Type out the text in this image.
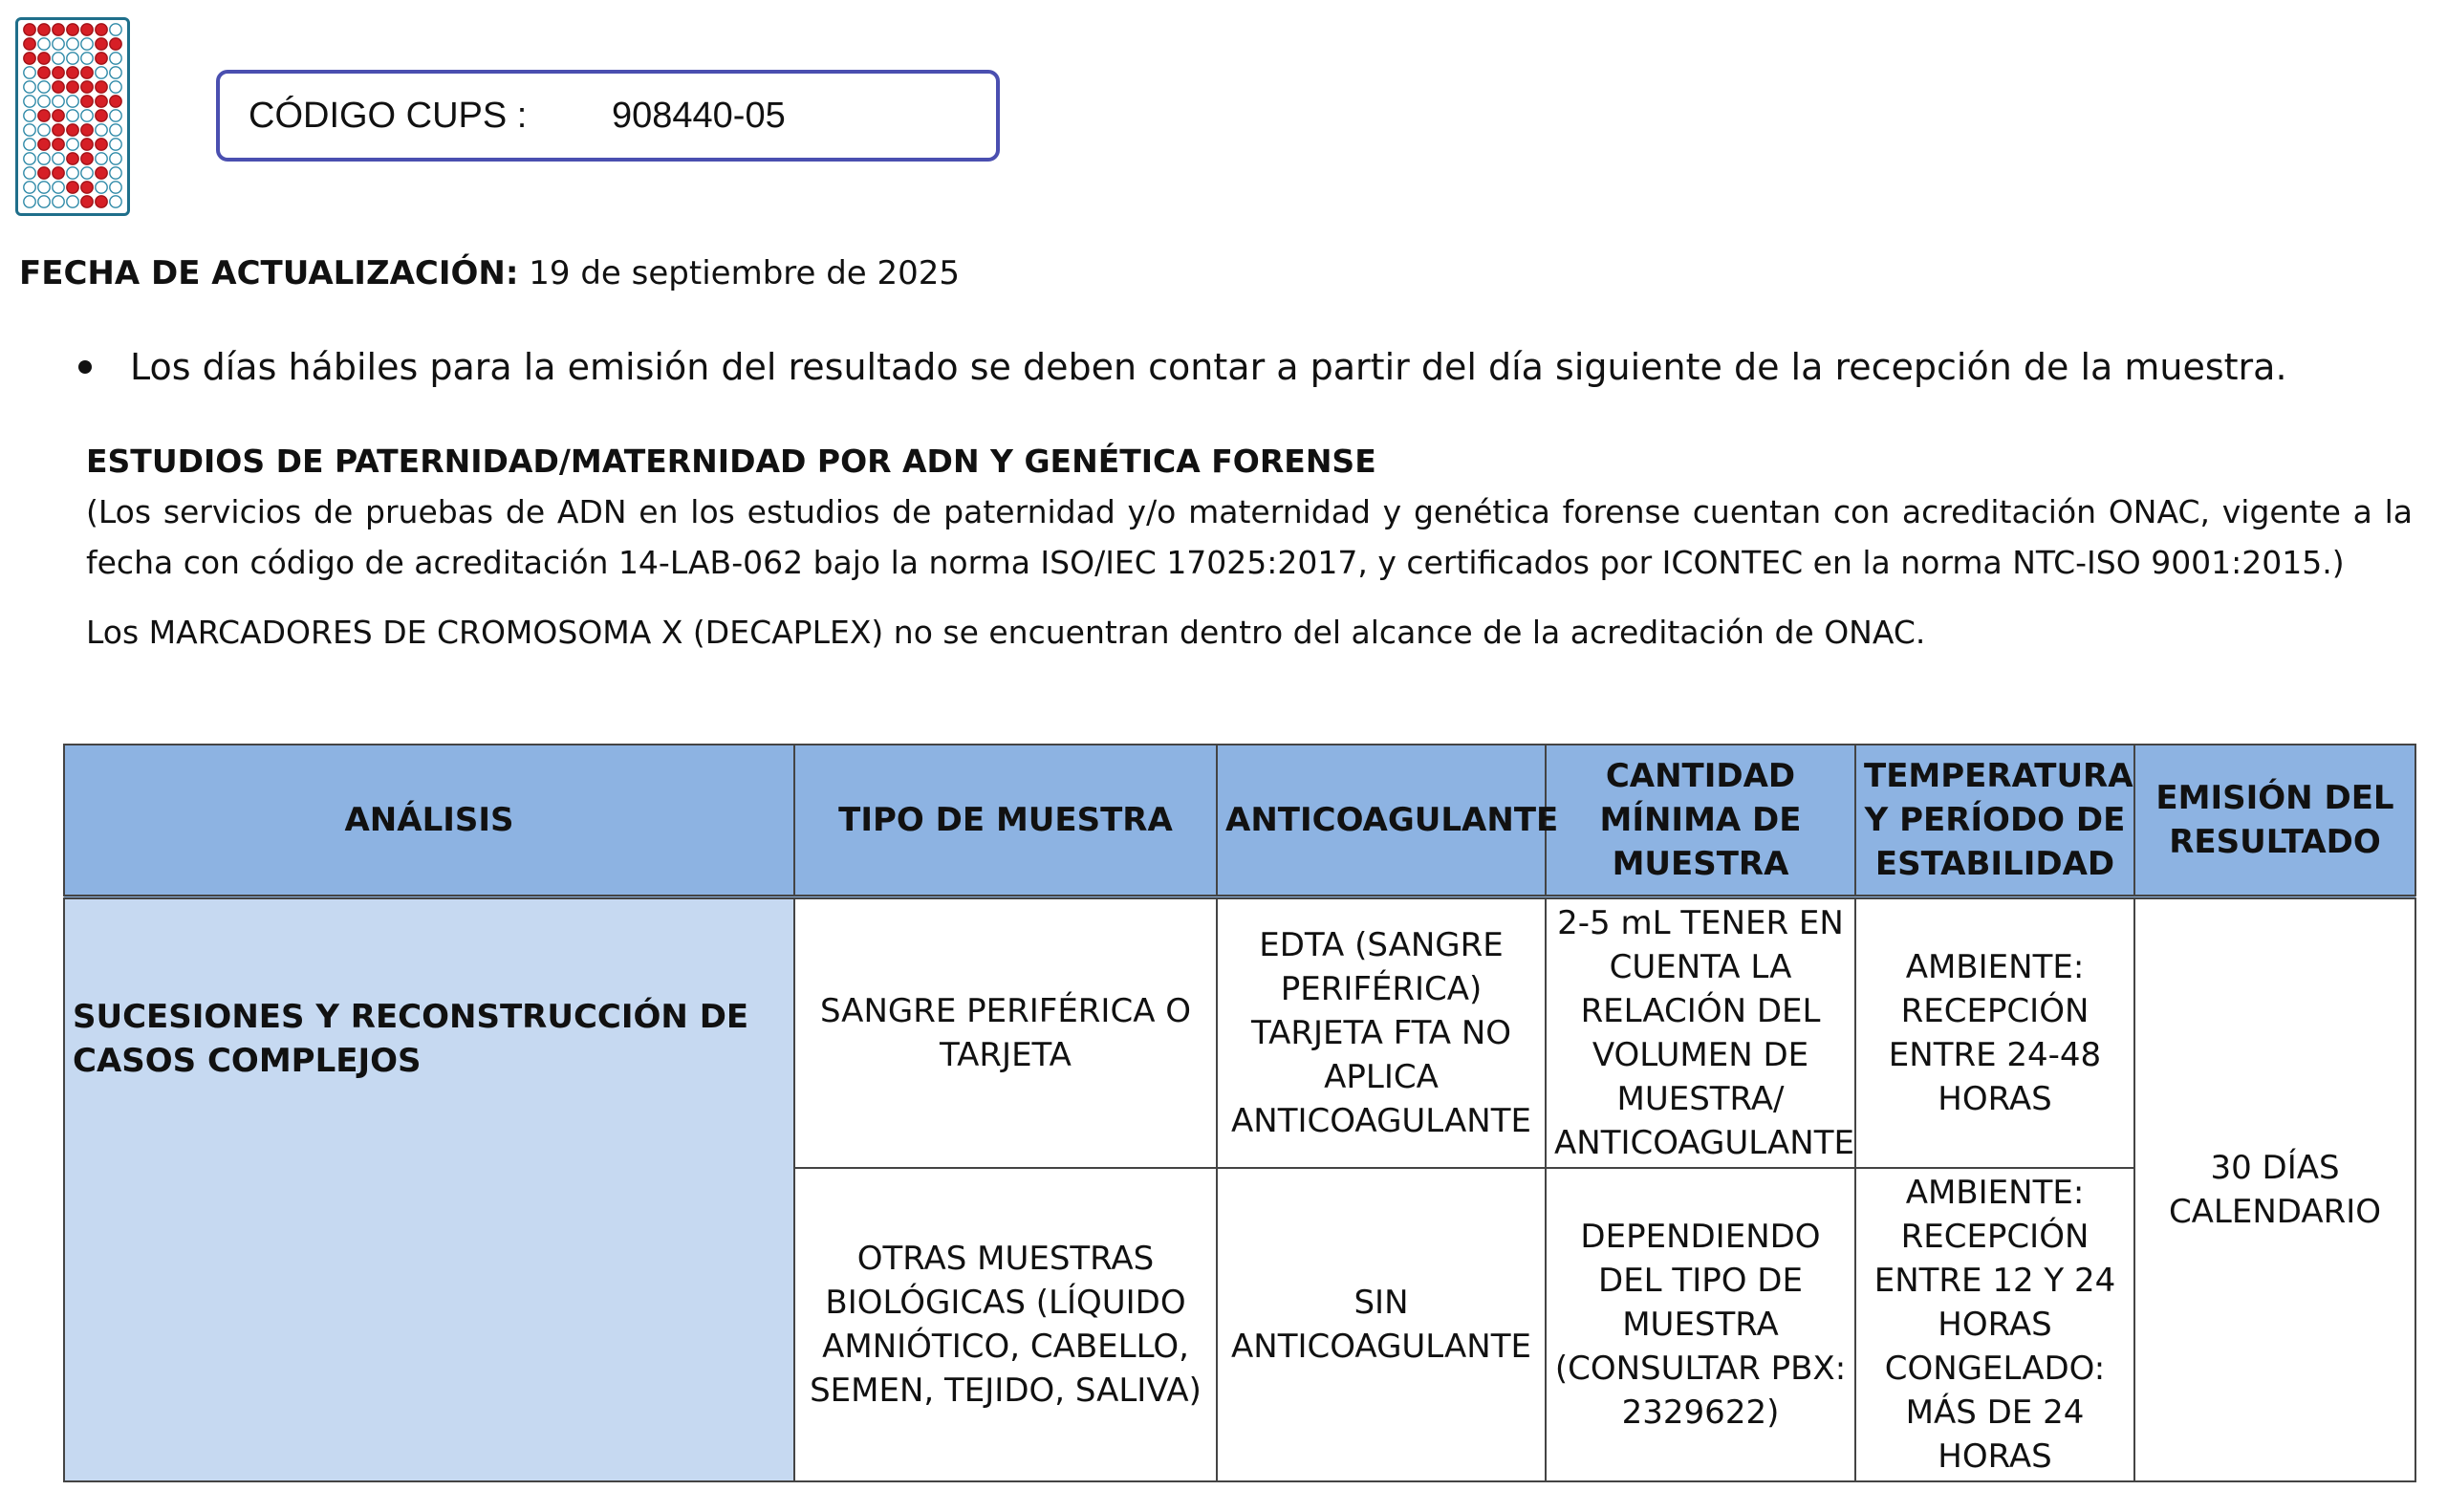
CÓDIGO CUPS :	908440-05
FECHA DE ACTUALIZACIÓN: 19 de septiembre de 2025
Los días hábiles para la emisión del resultado se deben contar a partir del día siguiente de la recepción de la muestra.
ESTUDIOS DE PATERNIDAD/MATERNIDAD POR ADN Y GENÉTICA FORENSE
(Los servicios de pruebas de ADN en los estudios de paternidad y/o maternidad y genética forense cuentan con acreditación ONAC, vigente a la fecha con código de acreditación 14-LAB-062 bajo la norma ISO/IEC 17025:2017, y certificados por ICONTEC en la norma NTC-ISO 9001:2015.)
Los MARCADORES DE CROMOSOMA X (DECAPLEX) no se encuentran dentro del alcance de la acreditación de ONAC.
ANÁLISIS	TIPO DE MUESTRA	ANTICOAGULANTE	CANTIDAD MÍNIMA DE MUESTRA	TEMPERATURA Y PERÍODO DE ESTABILIDAD	EMISIÓN DEL RESULTADO
SUCESIONES Y RECONSTRUCCIÓN DE CASOS COMPLEJOS	SANGRE PERIFÉRICA O TARJETA	EDTA (SANGRE PERIFÉRICA) TARJETA FTA NO APLICA ANTICOAGULANTE	2-5 mL TENER EN CUENTA LA RELACIÓN DEL VOLUMEN DE MUESTRA/ ANTICOAGULANTE	AMBIENTE: RECEPCIÓN ENTRE 24-48 HORAS	30 DÍAS CALENDARIO
	OTRAS MUESTRAS BIOLÓGICAS (LÍQUIDO AMNIÓTICO, CABELLO, SEMEN, TEJIDO, SALIVA)	SIN ANTICOAGULANTE	DEPENDIENDO DEL TIPO DE MUESTRA (CONSULTAR PBX: 2329622)	AMBIENTE: RECEPCIÓN ENTRE 12 Y 24 HORAS CONGELADO: MÁS DE 24 HORAS	
